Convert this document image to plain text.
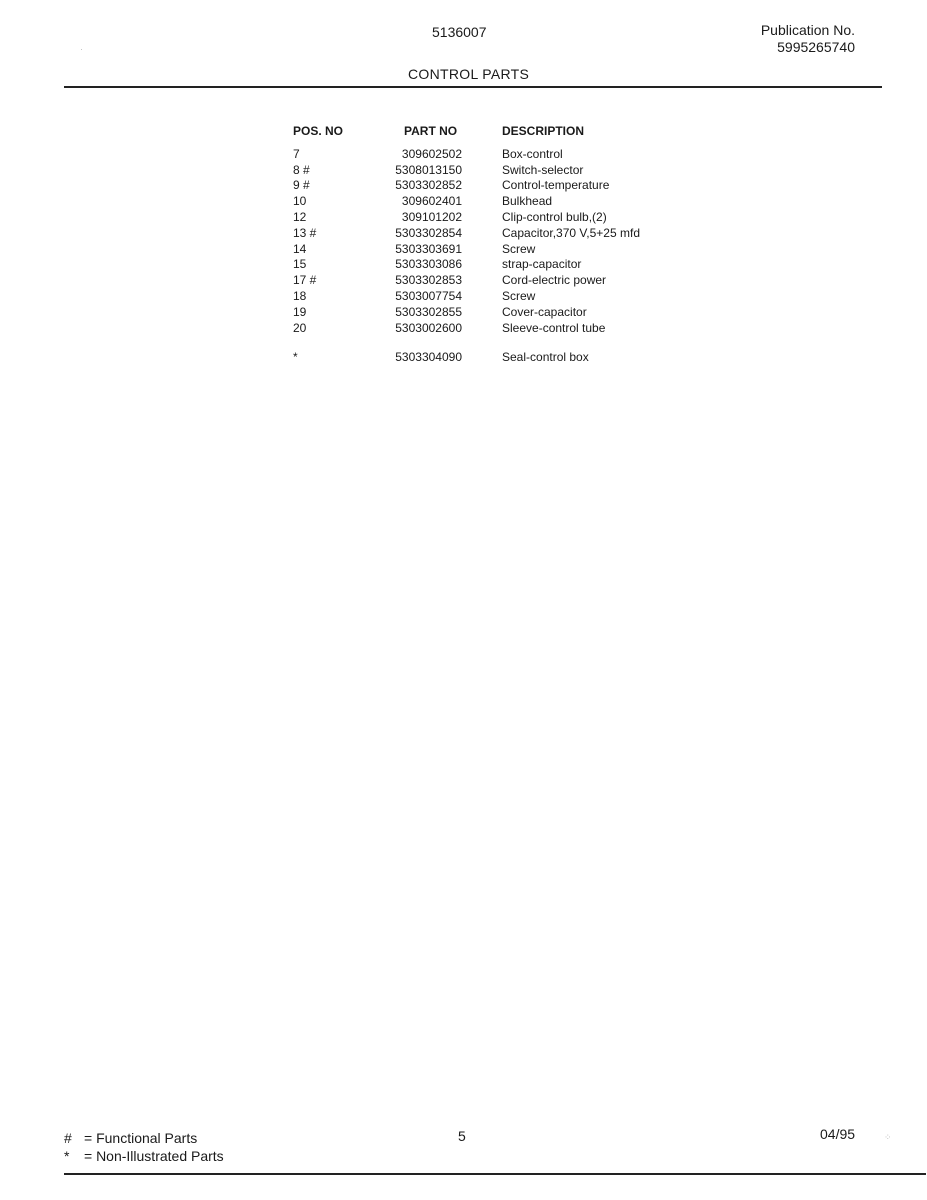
5136007	Publication No.
5995265740
·
CONTROL PARTS
POS. NO	PART NO	DESCRIPTION
7	309602502	Box-control
8 #	5308013150	Switch-selector
9 #	5303302852	Control-temperature
10	309602401	Bulkhead
12	309101202	Clip-control bulb,(2)
13 #	5303302854	Capacitor,370 V,5+25 mfd
14	5303303691	Screw
15	5303303086	strap-capacitor
17 #	5303302853	Cord-electric power
18	5303007754	Screw
19	5303302855	Cover-capacitor
20	5303002600	Sleeve-control tube
*	5303304090	Seal-control box
# = Functional Parts
* = Non-Illustrated Parts
5	04/95	⁘
